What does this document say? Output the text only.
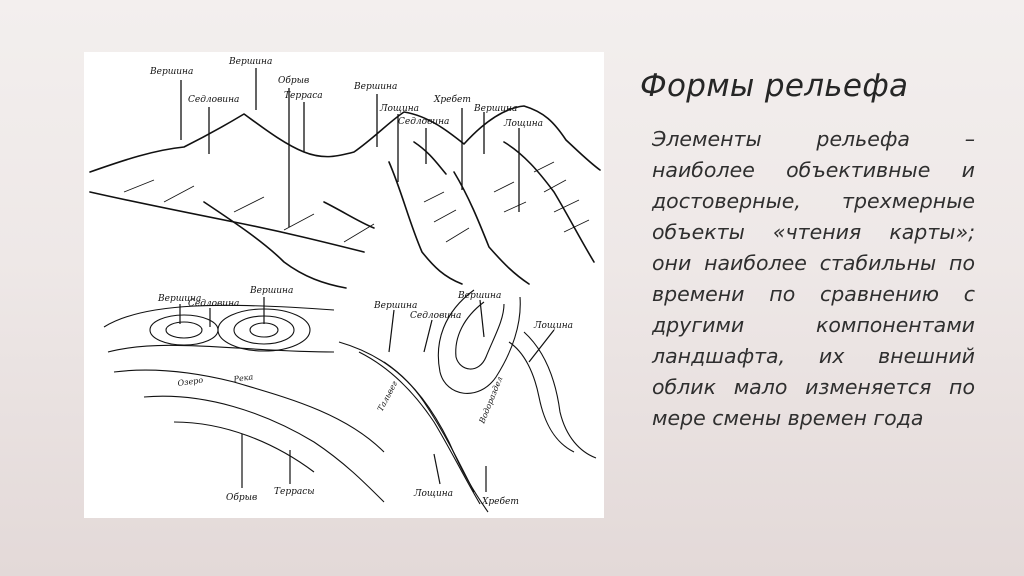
Вершина
Вершина
Обрыв
Седловина	Терраса
Вершина
Хребет
Лощина	Вершина
Седловина	Лощина
Вершина
Седловина
Вершина
Вершина
Вершина
Седловина
Лощина
Озеро	Река
Тальвег	Водораздел
Обрыв
Террасы	Лощина
Хребет
Формы рельефа
Элементы рельефа – наиболее объективные и достоверные, трехмерные объекты «чтения карты»; они наиболее стабильны по времени по сравнению с другими компонентами ландшафта, их внешний облик мало изменяется по мере смены времен года
